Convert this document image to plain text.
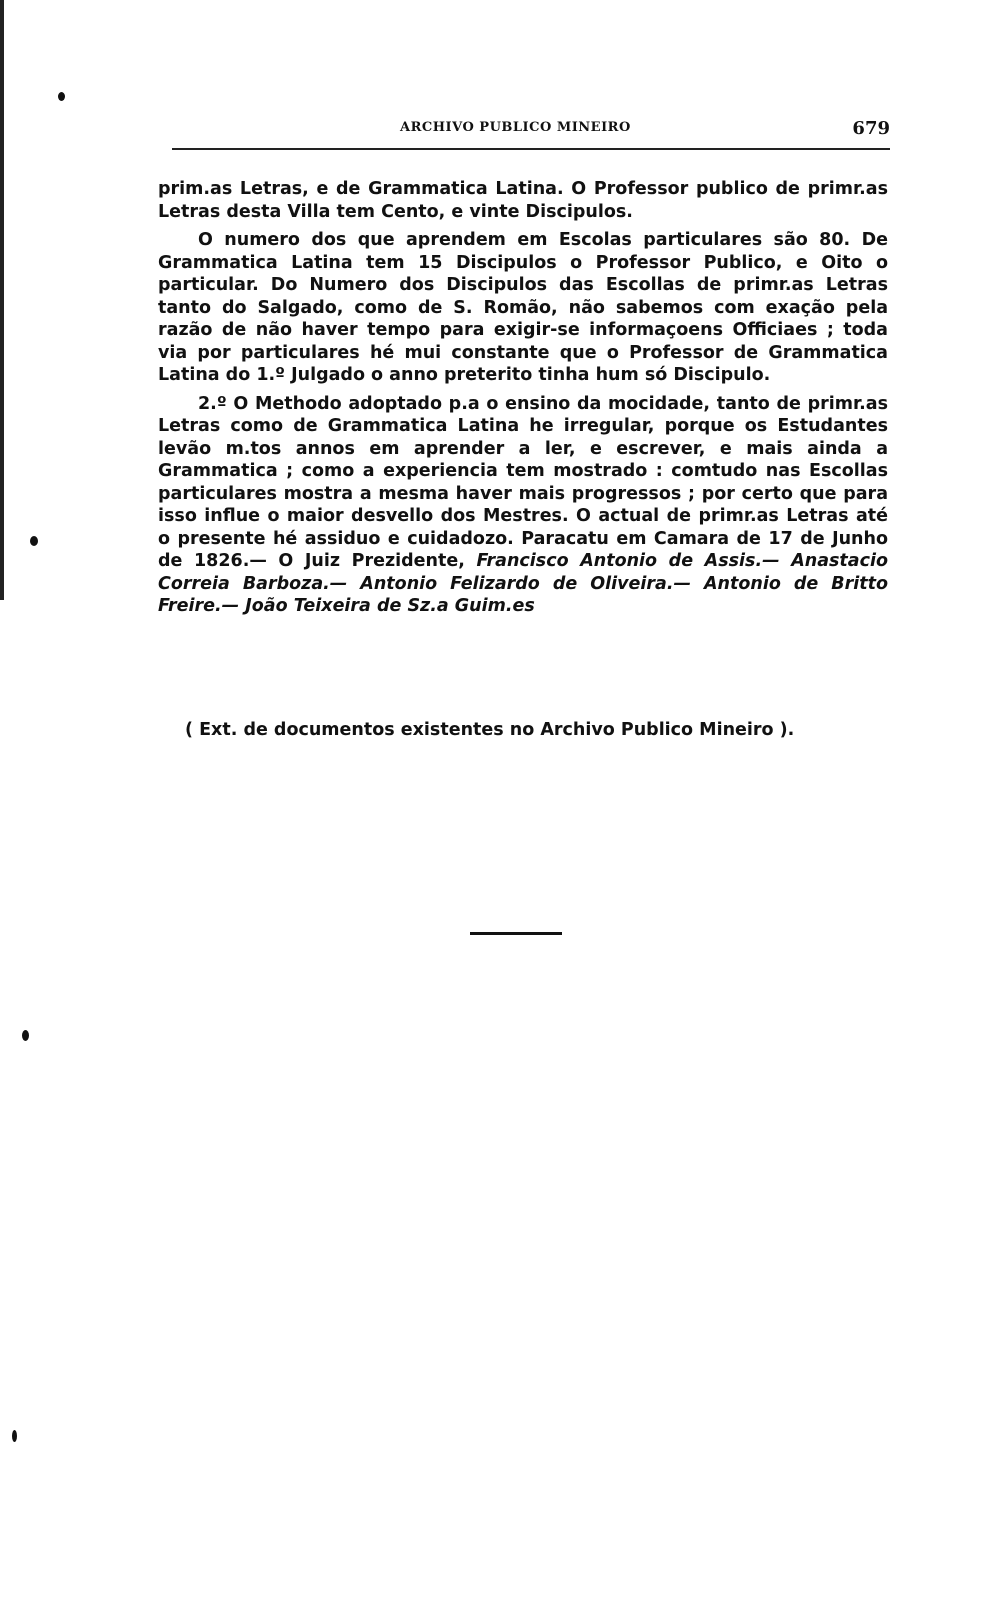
ARCHIVO PUBLICO MINEIRO	679

prim.as Letras, e de Grammatica Latina. O Professor publico de primr.as Letras desta Villa tem Cento, e vinte Discipulos.

O numero dos que aprendem em Escolas particulares são 80. De Grammatica Latina tem 15 Discipulos o Professor Publico, e Oito o particular. Do Numero dos Discipulos das Escollas de primr.as Letras tanto do Salgado, como de S. Romão, não sabemos com exação pela razão de não haver tempo para exigir-se informaçoens Officiaes ; toda via por particulares hé mui constante que o Professor de Grammatica Latina do 1.º Julgado o anno preterito tinha hum só Discipulo.

2.º O Methodo adoptado p.a o ensino da mocidade, tanto de primr.as Letras como de Grammatica Latina he irregular, porque os Estudantes levão m.tos annos em aprender a ler, e escrever, e mais ainda a Grammatica ; como a experiencia tem mostrado : comtudo nas Escollas particulares mostra a mesma haver mais progressos ; por certo que para isso influe o maior desvello dos Mestres. O actual de primr.as Letras até o presente hé assiduo e cuidadozo. Paracatu em Camara de 17 de Junho de 1826.— O Juiz Prezidente, Francisco Antonio de Assis.— Anastacio Correia Barboza.— Antonio Felizardo de Oliveira.— Antonio de Britto Freire.— João Teixeira de Sz.a Guim.es

( Ext. de documentos existentes no Archivo Publico Mineiro ).
